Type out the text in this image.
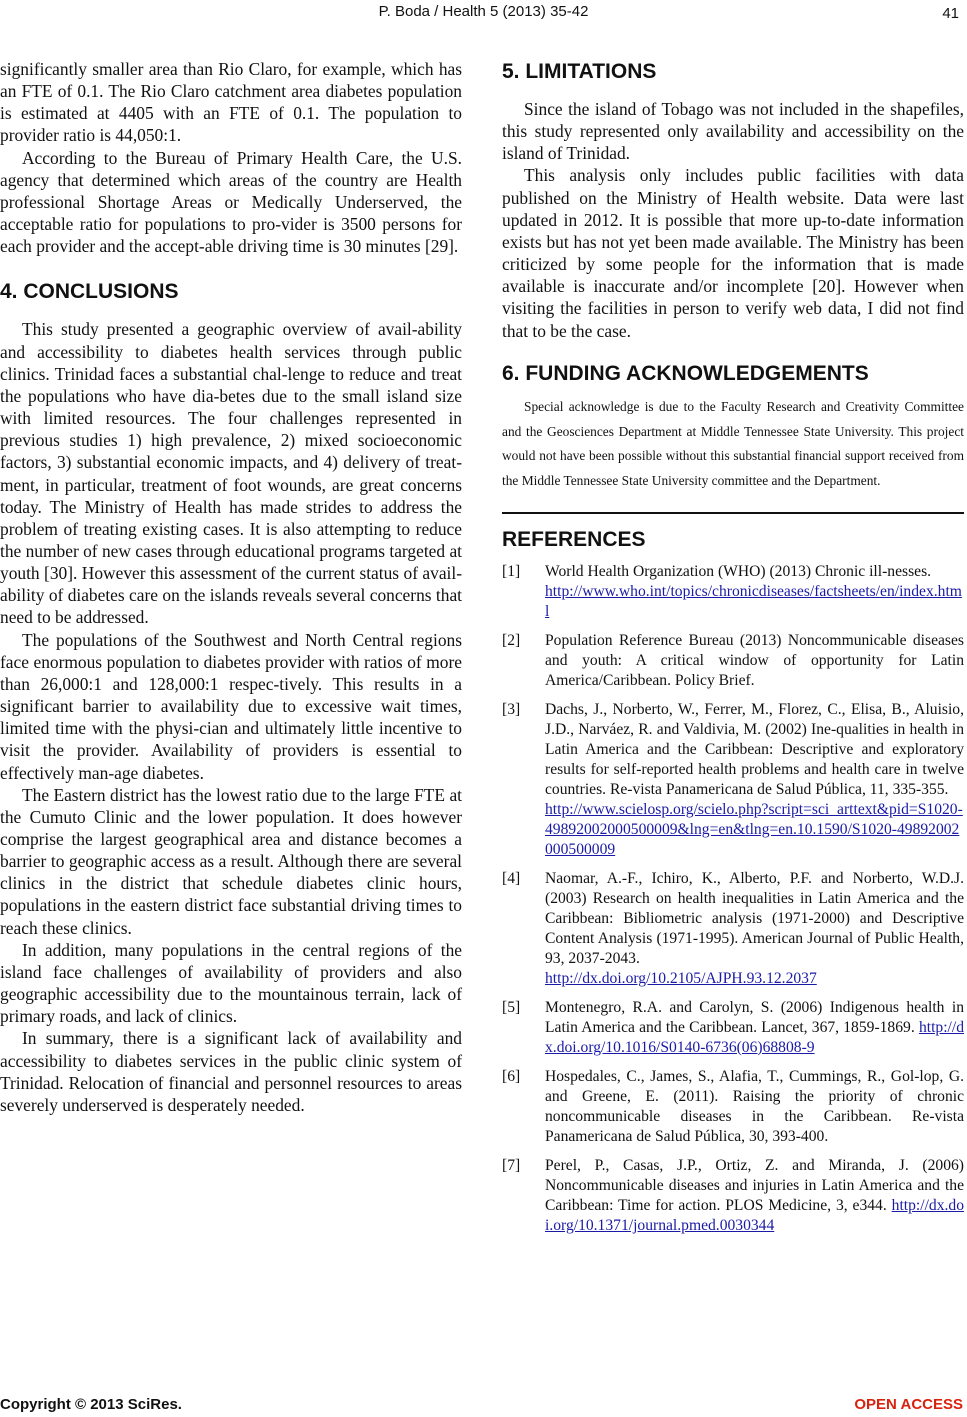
P. Boda / Health 5 (2013) 35-42	41

significantly smaller area than Rio Claro, for example, which has an FTE of 0.1. The Rio Claro catchment area diabetes population is estimated at 4405 with an FTE of 0.1. The population to provider ratio is 44,050:1.

According to the Bureau of Primary Health Care, the U.S. agency that determined which areas of the country are Health professional Shortage Areas or Medically Underserved, the acceptable ratio for populations to pro-vider is 3500 persons for each provider and the accept-able driving time is 30 minutes [29].

4. CONCLUSIONS

This study presented a geographic overview of avail-ability and accessibility to diabetes health services through public clinics. Trinidad faces a substantial chal-lenge to reduce and treat the populations who have dia-betes due to the small island size with limited resources. The four challenges represented in previous studies 1) high prevalence, 2) mixed socioeconomic factors, 3) substantial economic impacts, and 4) delivery of treat-ment, in particular, treatment of foot wounds, are great concerns today. The Ministry of Health has made strides to address the problem of treating existing cases. It is also attempting to reduce the number of new cases through educational programs targeted at youth [30]. However this assessment of the current status of avail-ability of diabetes care on the islands reveals several concerns that need to be addressed.

The populations of the Southwest and North Central regions face enormous population to diabetes provider with ratios of more than 26,000:1 and 128,000:1 respec-tively. This results in a significant barrier to availability due to excessive wait times, limited time with the physi-cian and ultimately little incentive to visit the provider. Availability of providers is essential to effectively man-age diabetes.

The Eastern district has the lowest ratio due to the large FTE at the Cumuto Clinic and the lower population. It does however comprise the largest geographical area and distance becomes a barrier to geographic access as a result. Although there are several clinics in the district that schedule diabetes clinic hours, populations in the eastern district face substantial driving times to reach these clinics.

In addition, many populations in the central regions of the island face challenges of availability of providers and also geographic accessibility due to the mountainous terrain, lack of primary roads, and lack of clinics.

In summary, there is a significant lack of availability and accessibility to diabetes services in the public clinic system of Trinidad. Relocation of financial and personnel resources to areas severely underserved is desperately needed.

5. LIMITATIONS

Since the island of Tobago was not included in the shapefiles, this study represented only availability and accessibility on the island of Trinidad.

This analysis only includes public facilities with data published on the Ministry of Health website. Data were last updated in 2012. It is possible that more up-to-date information exists but has not yet been made available. The Ministry has been criticized by some people for the information that is made available is inaccurate and/or incomplete [20]. However when visiting the facilities in person to verify web data, I did not find that to be the case.

6. FUNDING ACKNOWLEDGEMENTS

Special acknowledge is due to the Faculty Research and Creativity Committee and the Geosciences Department at Middle Tennessee State University. This project would not have been possible without this substantial financial support received from the Middle Tennessee State University committee and the Department.

REFERENCES

[1] World Health Organization (WHO) (2013) Chronic ill-nesses.
http://www.who.int/topics/chronicdiseases/factsheets/en/index.html

[2] Population Reference Bureau (2013) Noncommunicable diseases and youth: A critical window of opportunity for Latin America/Caribbean. Policy Brief.

[3] Dachs, J., Norberto, W., Ferrer, M., Florez, C., Elisa, B., Aluisio, J.D., Narváez, R. and Valdivia, M. (2002) Ine-qualities in health in Latin America and the Caribbean: Descriptive and exploratory results for self-reported health problems and health care in twelve countries. Re-vista Panamericana de Salud Pública, 11, 335-355.
http://www.scielosp.org/scielo.php?script=sci_arttext&pid=S1020-49892002000500009&lng=en&tlng=en.10.1590/S1020-49892002000500009

[4] Naomar, A.-F., Ichiro, K., Alberto, P.F. and Norberto, W.D.J. (2003) Research on health inequalities in Latin America and the Caribbean: Bibliometric analysis (1971-2000) and Descriptive Content Analysis (1971-1995). American Journal of Public Health, 93, 2037-2043.
http://dx.doi.org/10.2105/AJPH.93.12.2037

[5] Montenegro, R.A. and Carolyn, S. (2006) Indigenous health in Latin America and the Caribbean. Lancet, 367, 1859-1869. http://dx.doi.org/10.1016/S0140-6736(06)68808-9

[6] Hospedales, C., James, S., Alafia, T., Cummings, R., Gol-lop, G. and Greene, E. (2011). Raising the priority of chronic noncommunicable diseases in the Caribbean. Re-vista Panamericana de Salud Pública, 30, 393-400.

[7] Perel, P., Casas, J.P., Ortiz, Z. and Miranda, J. (2006) Noncommunicable diseases and injuries in Latin America and the Caribbean: Time for action. PLOS Medicine, 3, e344. http://dx.doi.org/10.1371/journal.pmed.0030344

Copyright © 2013 SciRes.	OPEN ACCESS
